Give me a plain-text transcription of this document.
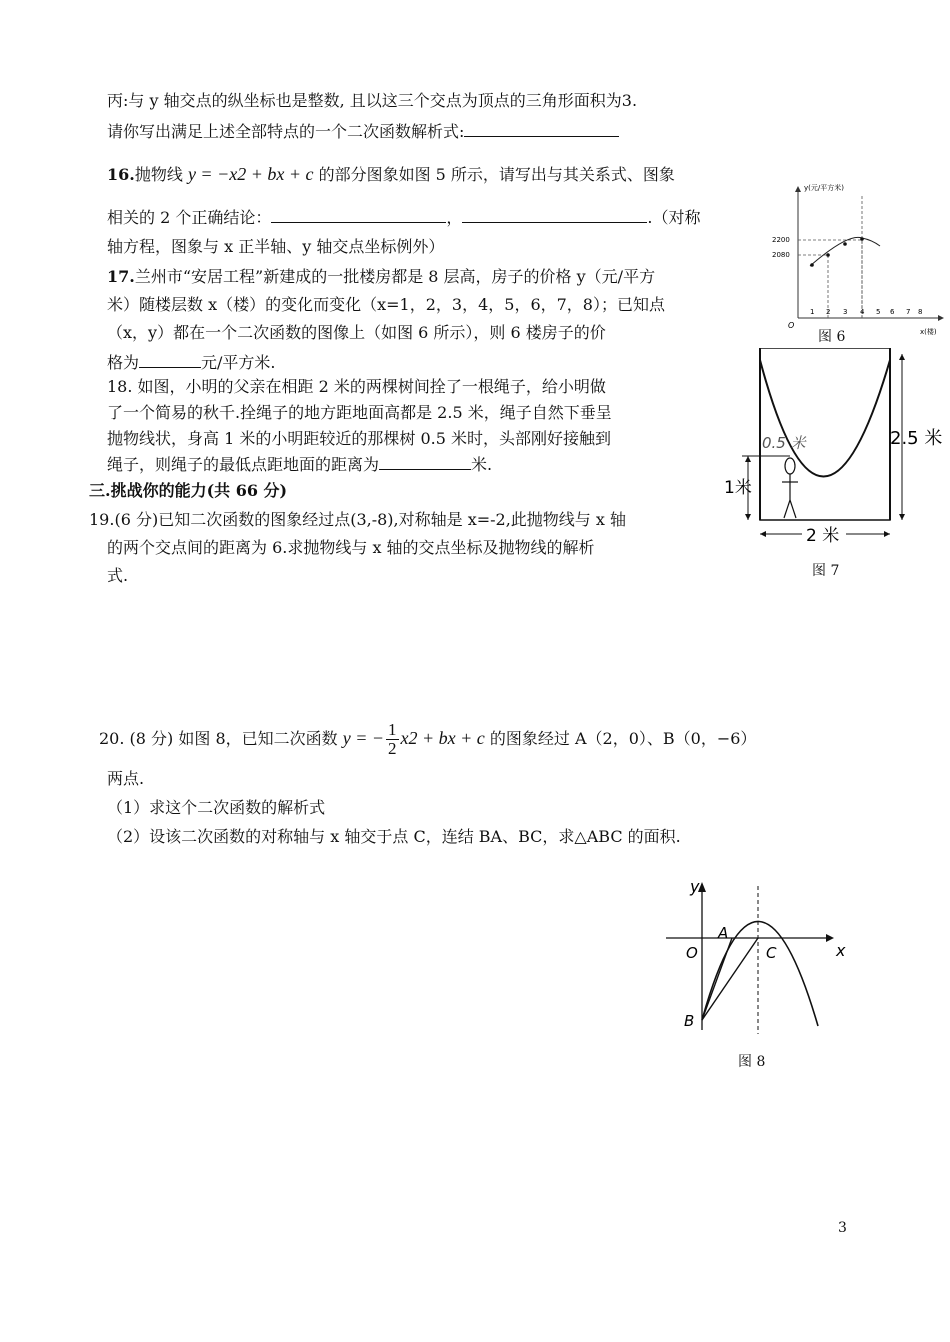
丙:与 y 轴交点的纵坐标也是整数, 且以这三个交点为顶点的三角形面积为3.
请你写出满足上述全部特点的一个二次函数解析式:
16.抛物线 y = −x2 + bx + c 的部分图象如图 5 所示，请写出与其关系式、图象
相关的 2 个正确结论：	，	.（对称
轴方程，图象与 x 正半轴、y 轴交点坐标例外）
17.兰州市“安居工程”新建成的一批楼房都是 8 层高，房子的价格 y（元/平方
米）随楼层数 x（楼）的变化而变化（x=1，2，3，4，5，6，7，8）；已知点
（x，y）都在一个二次函数的图像上（如图 6 所示），则 6 楼房子的价
格为	元/平方米.
18. 如图，小明的父亲在相距 2 米的两棵树间拴了一根绳子，给小明做
了一个简易的秋千.拴绳子的地方距地面高都是 2.5 米，绳子自然下垂呈
抛物线状，身高 1 米的小明距较近的那棵树 0.5 米时，头部刚好接触到
绳子，则绳子的最低点距地面的距离为	米.
三.挑战你的能力(共 66 分)
19.(6 分)已知二次函数的图象经过点(3,-8),对称轴是 x=-2,此抛物线与 x 轴
的两个交点间的距离为 6.求抛物线与 x 轴的交点坐标及抛物线的解析
式.
20. (8 分) 如图 8，已知二次函数 y = − $\frac{1}{2} x2$ + bx + c 的图象经过 A（2，0）、B（0，−6）
两点.
（1）求这个二次函数的解析式
（2）设该二次函数的对称轴与 x 轴交于点 C，连结 BA、BC，求△ABC 的面积.
y(元/平方米)
x(楼)
O
2200
2080
1 2 3 4 5 6 7 8
图 6
1米
0.5 米	2.5 米
2 米
图 7
y
x
O
A
B
C
图 8
3
